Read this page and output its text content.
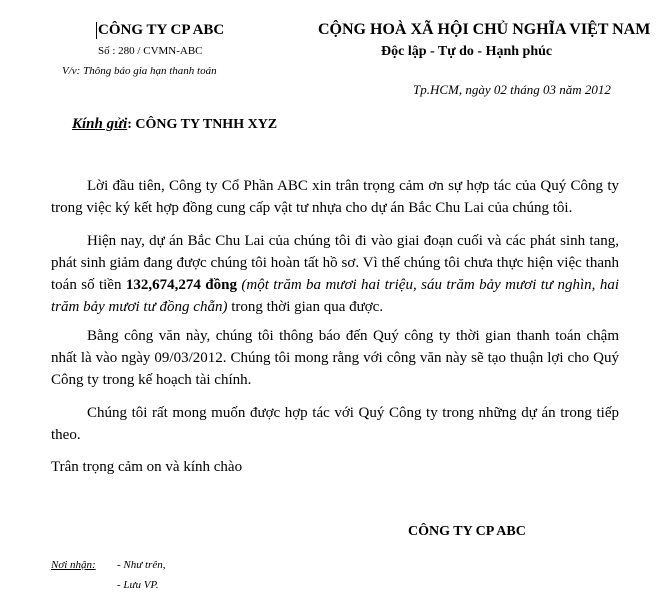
CÔNG TY CP ABC
Số : 280 / CVMN-ABC
V/v: Thông báo gia hạn thanh toán
CỘNG HOÀ XÃ HỘI CHỦ NGHĨA VIỆT NAM
Độc lập - Tự do - Hạnh phúc
Tp.HCM, ngày 02 tháng 03 năm 2012
Kính gửi: CÔNG TY TNHH XYZ

Lời đầu tiên, Công ty Cổ Phần ABC xin trân trọng cảm ơn sự hợp tác của Quý Công ty trong việc ký kết hợp đồng cung cấp vật tư nhựa cho dự án Bắc Chu Lai của chúng tôi.

Hiện nay, dự án Bắc Chu Lai của chúng tôi đi vào giai đoạn cuối và các phát sinh tang, phát sinh giảm đang được chúng tôi hoàn tất hồ sơ. Vì thế chúng tôi chưa thực hiện việc thanh toán số tiền 132,674,274 đồng (một trăm ba mươi hai triệu, sáu trăm bảy mươi tư nghìn, hai trăm bảy mươi tư đồng chẵn) trong thời gian qua được.

Bằng công văn này, chúng tôi thông báo đến Quý công ty thời gian thanh toán chậm nhất là vào ngày 09/03/2012. Chúng tôi mong rằng với công văn này sẽ tạo thuận lợi cho Quý Công ty trong kế hoạch tài chính.

Chúng tôi rất mong muốn được hợp tác với Quý Công ty trong những dự án trong tiếp theo.

Trân trọng cảm on và kính chào
CÔNG TY CP ABC
Nơi nhận: - Như trên,
- Lưu VP.
